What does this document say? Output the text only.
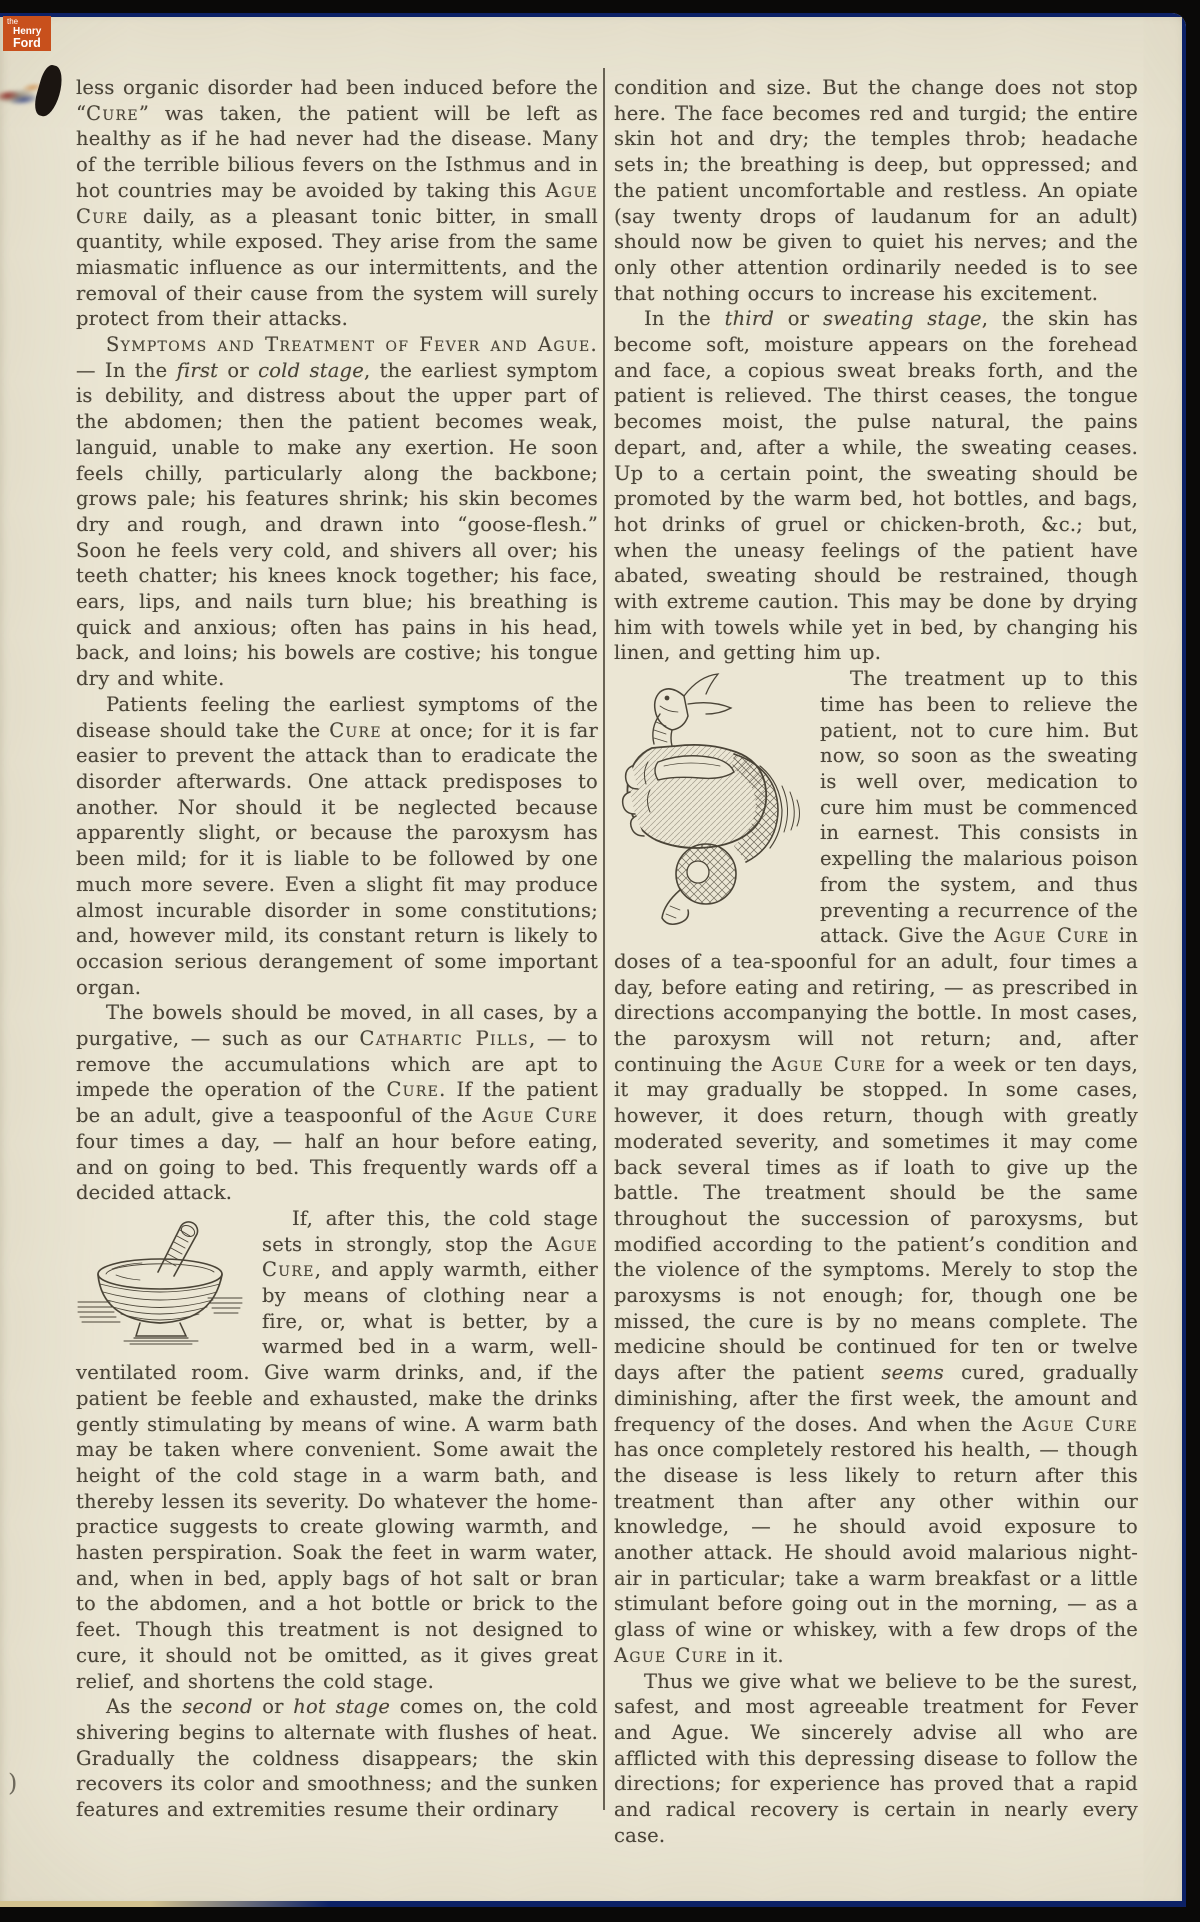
less organic disorder had been induced before the “Cure” was taken, the patient will be left as healthy as if he had never had the disease. Many of the terrible bilious fevers on the Isthmus and in hot countries may be avoided by taking this Ague Cure daily, as a pleasant tonic bitter, in small quantity, while exposed. They arise from the same miasmatic influence as our intermittents, and the removal of their cause from the system will surely protect from their attacks.

Symptoms and Treatment of Fever and Ague. — In the first or cold stage, the earliest symptom is debility, and distress about the upper part of the abdomen; then the patient becomes weak, languid, unable to make any exertion. He soon feels chilly, particularly along the backbone; grows pale; his features shrink; his skin becomes dry and rough, and drawn into “goose-flesh.” Soon he feels very cold, and shivers all over; his teeth chatter; his knees knock together; his face, ears, lips, and nails turn blue; his breathing is quick and anxious; often has pains in his head, back, and loins; his bowels are costive; his tongue dry and white.

Patients feeling the earliest symptoms of the disease should take the Cure at once; for it is far easier to prevent the attack than to eradicate the disorder afterwards. One attack predisposes to another. Nor should it be neglected because apparently slight, or because the paroxysm has been mild; for it is liable to be followed by one much more severe. Even a slight fit may produce almost incurable disorder in some constitutions; and, however mild, its constant return is likely to occasion serious derangement of some important organ.

The bowels should be moved, in all cases, by a purgative, — such as our Cathartic Pills, — to remove the accumulations which are apt to impede the operation of the Cure. If the patient be an adult, give a teaspoonful of the Ague Cure four times a day, — half an hour before eating, and on going to bed. This frequently wards off a decided attack.

If, after this, the cold stage sets in strongly, stop the Ague Cure, and apply warmth, either by means of clothing near a fire, or, what is better, by a warmed bed in a warm, well-ventilated room. Give warm drinks, and, if the patient be feeble and exhausted, make the drinks gently stimulating by means of wine. A warm bath may be taken where convenient. Some await the height of the cold stage in a warm bath, and thereby lessen its severity. Do whatever the home-practice suggests to create glowing warmth, and hasten perspiration. Soak the feet in warm water, and, when in bed, apply bags of hot salt or bran to the abdomen, and a hot bottle or brick to the feet. Though this treatment is not designed to cure, it should not be omitted, as it gives great relief, and shortens the cold stage.

As the second or hot stage comes on, the cold shivering begins to alternate with flushes of heat. Gradually the coldness disappears; the skin recovers its color and smoothness; and the sunken features and extremities resume their ordinary

condition and size. But the change does not stop here. The face becomes red and turgid; the entire skin hot and dry; the temples throb; headache sets in; the breathing is deep, but oppressed; and the patient uncomfortable and restless. An opiate (say twenty drops of laudanum for an adult) should now be given to quiet his nerves; and the only other attention ordinarily needed is to see that nothing occurs to increase his excitement.

In the third or sweating stage, the skin has become soft, moisture appears on the forehead and face, a copious sweat breaks forth, and the patient is relieved. The thirst ceases, the tongue becomes moist, the pulse natural, the pains depart, and, after a while, the sweating ceases. Up to a certain point, the sweating should be promoted by the warm bed, hot bottles, and bags, hot drinks of gruel or chicken-broth, &c.; but, when the uneasy feelings of the patient have abated, sweating should be restrained, though with extreme caution. This may be done by drying him with towels while yet in bed, by changing his linen, and getting him up.

The treatment up to this time has been to relieve the patient, not to cure him. But now, so soon as the sweating is well over, medication to cure him must be commenced in earnest. This consists in expelling the malarious poison from the system, and thus preventing a recurrence of the attack. Give the Ague Cure in doses of a tea-spoonful for an adult, four times a day, before eating and retiring, — as prescribed in directions accompanying the bottle. In most cases, the paroxysm will not return; and, after continuing the Ague Cure for a week or ten days, it may gradually be stopped. In some cases, however, it does return, though with greatly moderated severity, and sometimes it may come back several times as if loath to give up the battle. The treatment should be the same throughout the succession of paroxysms, but modified according to the patient’s condition and the violence of the symptoms. Merely to stop the paroxysms is not enough; for, though one be missed, the cure is by no means complete. The medicine should be continued for ten or twelve days after the patient seems cured, gradually diminishing, after the first week, the amount and frequency of the doses. And when the Ague Cure has once completely restored his health, — though the disease is less likely to return after this treatment than after any other within our knowledge, — he should avoid exposure to another attack. He should avoid malarious night-air in particular; take a warm breakfast or a little stimulant before going out in the morning, — as a glass of wine or whiskey, with a few drops of the Ague Cure in it.

Thus we give what we believe to be the surest, safest, and most agreeable treatment for Fever and Ague. We sincerely advise all who are afflicted with this depressing disease to follow the directions; for experience has proved that a rapid and radical recovery is certain in nearly every case.

)
the
Henry
Ford
